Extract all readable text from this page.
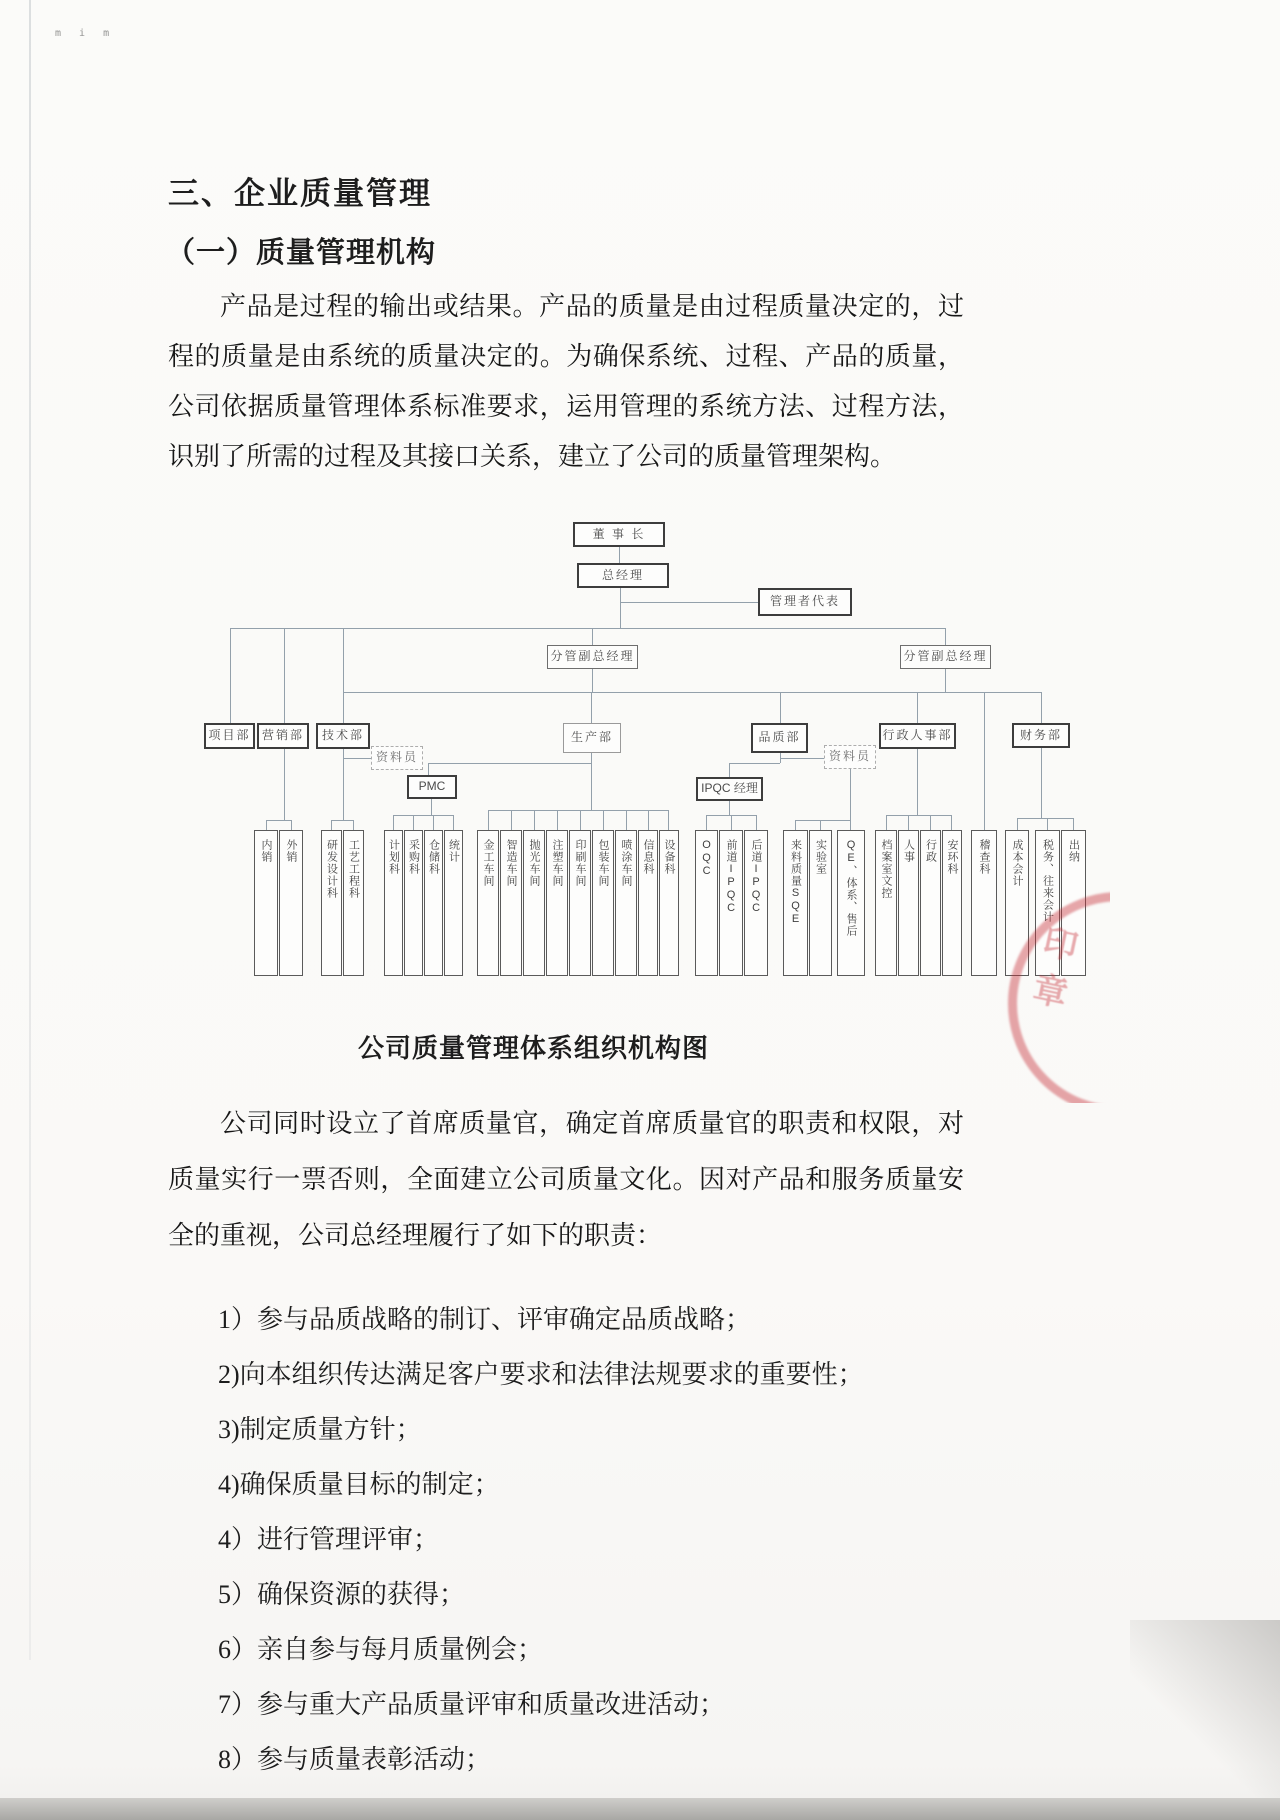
m i m
三、企业质量管理
（一）质量管理机构
产品是过程的输出或结果。产品的质量是由过程质量决定的，过程的质量是由系统的质量决定的。为确保系统、过程、产品的质量，公司依据质量管理体系标准要求，运用管理的系统方法、过程方法，识别了所需的过程及其接口关系，建立了公司的质量管理架构。
董 事 长
总经理
管理者代表
分管副总经理	分管副总经理
项目部 营销部	技术部	生产部	品质部	行政人事部	财务部
资料员	资料员
PMC	IPQC 经理
内销	外销	研发设计科 工艺工程科	计划科 采购科 仓储科 统计	金工车间	智造车间	抛光车间	注塑车间	印刷车间	包装车间	喷涂车间 信息科 设备科	OQC	前道IPQC	后道IPQC	来料质量SQE	实验室	QE、体系、售后	档案室文控 人事 行政 安环科	稽查科	成本会计	税务、往来会计	出纳
公司质量管理体系组织机构图
公司同时设立了首席质量官，确定首席质量官的职责和权限，对质量实行一票否则，全面建立公司质量文化。因对产品和服务质量安全的重视，公司总经理履行了如下的职责：
1）参与品质战略的制订、评审确定品质战略；
2)向本组织传达满足客户要求和法律法规要求的重要性；
3)制定质量方针；
4)确保质量目标的制定；
4）进行管理评审；
5）确保资源的获得；
6）亲自参与每月质量例会；
7）参与重大产品质量评审和质量改进活动；
8）参与质量表彰活动；
印
章
